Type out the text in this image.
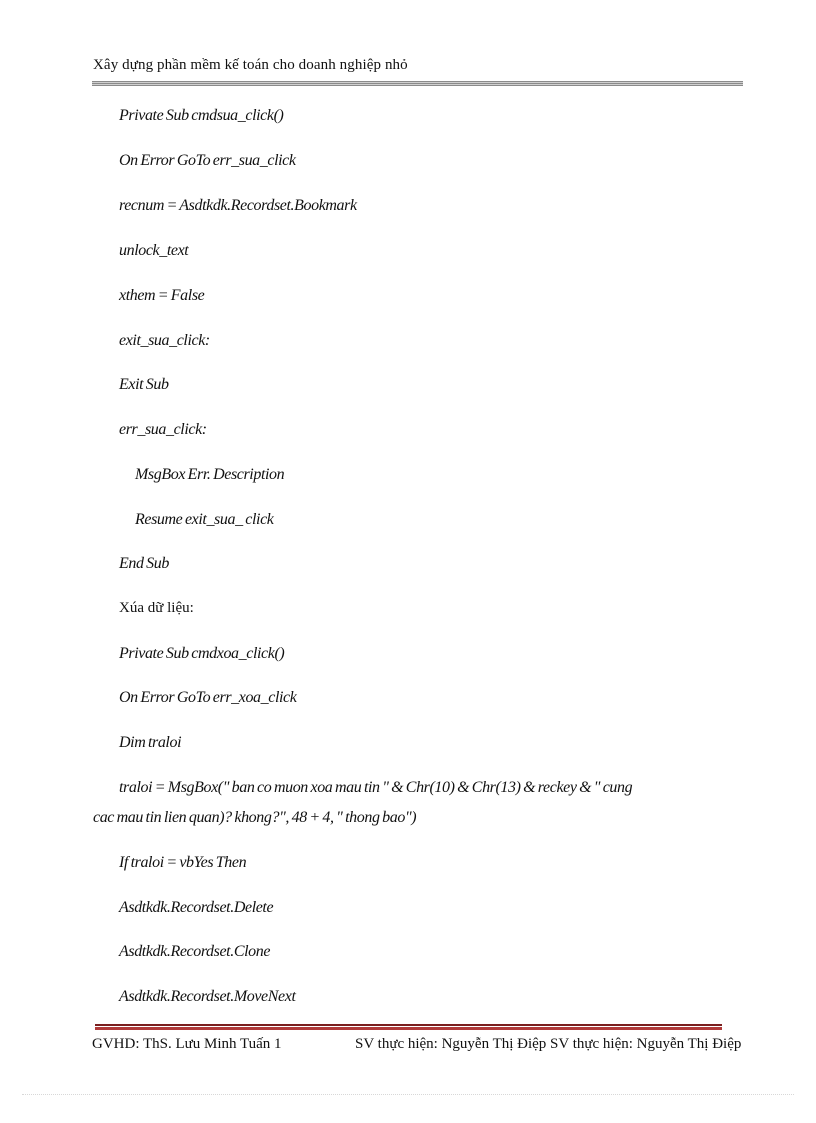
Xây dựng phần mềm kế toán cho doanh nghiệp nhỏ
Private Sub cmdsua_click()
On Error GoTo err_sua_click
recnum = Asdtkdk.Recordset.Bookmark
unlock_text
xthem = False
exit_sua_click:
Exit Sub
err_sua_click:
MsgBox Err. Description
Resume exit_sua_ click
End Sub
Xúa dữ liệu:
Private Sub cmdxoa_click()
On Error GoTo err_xoa_click
Dim traloi
traloi = MsgBox(" ban co muon xoa mau tin " & Chr(10) & Chr(13) & reckey & " cung
cac mau tin lien quan)? khong?", 48 + 4, " thong bao")
If traloi = vbYes Then
Asdtkdk.Recordset.Delete
Asdtkdk.Recordset.Clone
Asdtkdk.Recordset.MoveNext
GVHD: ThS. Lưu Minh Tuấn 1	SV thực hiện: Nguyễn Thị Điệp SV thực hiện: Nguyễn Thị Điệp
